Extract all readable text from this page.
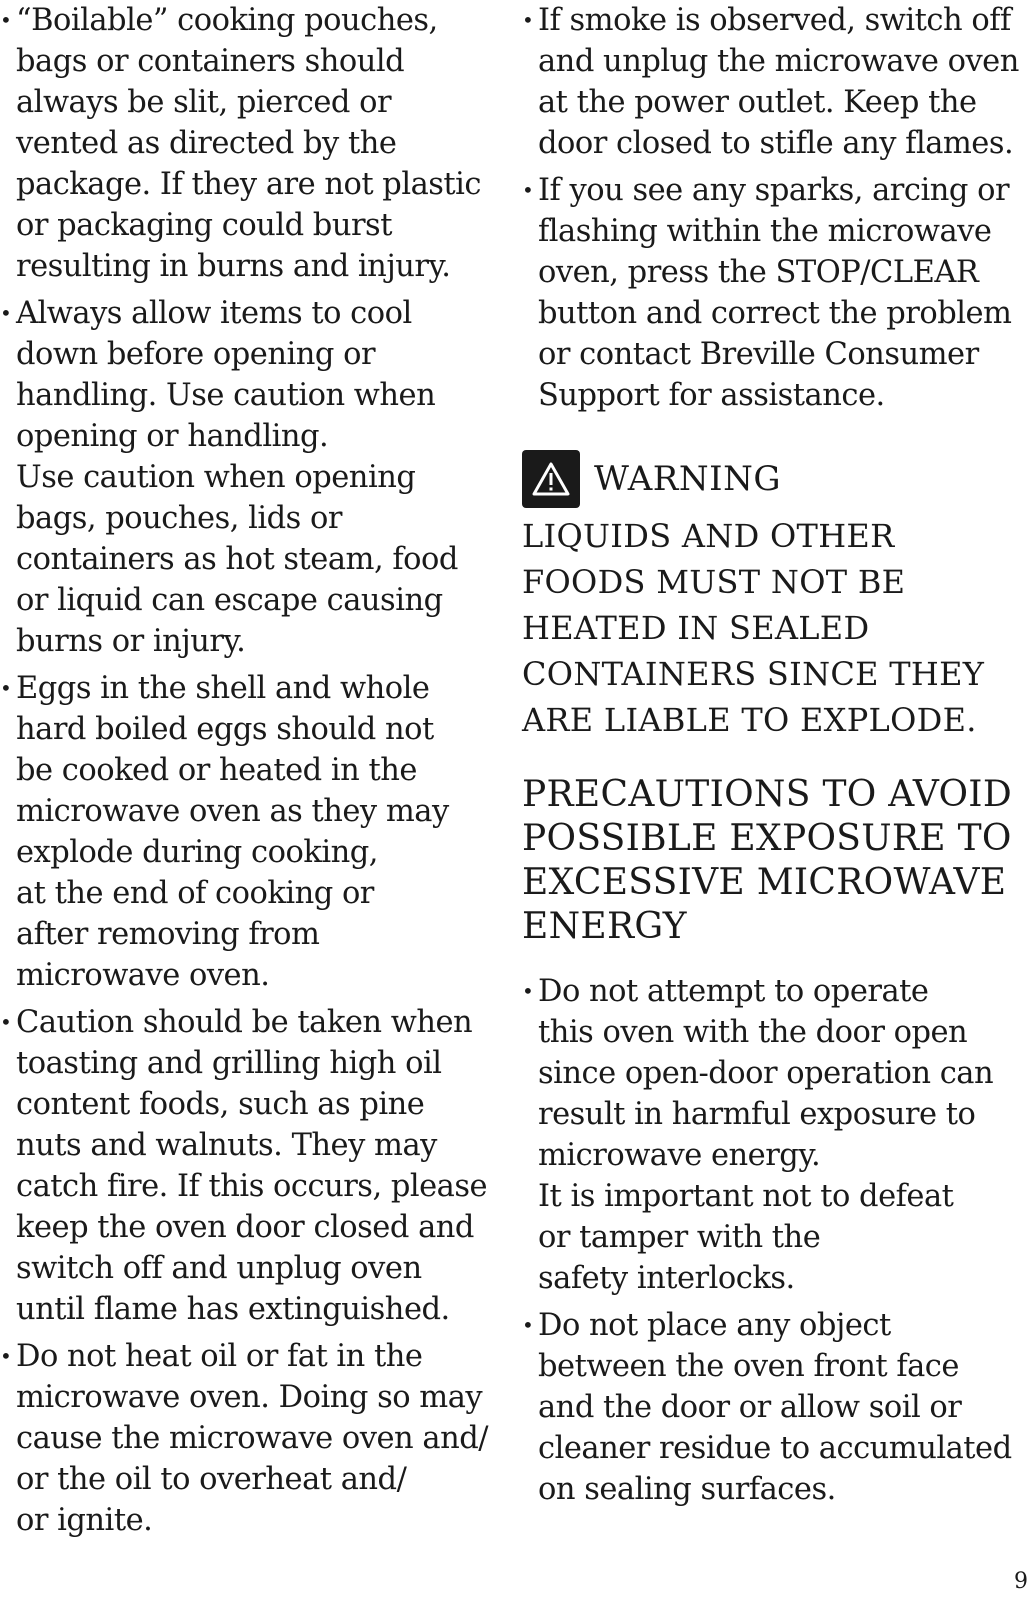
• “Boilable” cooking pouches,
bags or containers should
always be slit, pierced or
vented as directed by the
package. If they are not plastic
or packaging could burst
resulting in burns and injury.

• Always allow items to cool
down before opening or
handling. Use caution when
opening or handling.
Use caution when opening
bags, pouches, lids or
containers as hot steam, food
or liquid can escape causing
burns or injury.

• Eggs in the shell and whole
hard boiled eggs should not
be cooked or heated in the
microwave oven as they may
explode during cooking,
at the end of cooking or
after removing from
microwave oven.

• Caution should be taken when
toasting and grilling high oil
content foods, such as pine
nuts and walnuts. They may
catch fire. If this occurs, please
keep the oven door closed and
switch off and unplug oven
until flame has extinguished.

• Do not heat oil or fat in the
microwave oven. Doing so may
cause the microwave oven and/
or the oil to overheat and/
or ignite.

• If smoke is observed, switch off
and unplug the microwave oven
at the power outlet. Keep the
door closed to stifle any flames.

• If you see any sparks, arcing or
flashing within the microwave
oven, press the STOP/CLEAR
button and correct the problem
or contact Breville Consumer
Support for assistance.

WARNING

LIQUIDS AND OTHER
FOODS MUST NOT BE
HEATED IN SEALED
CONTAINERS SINCE THEY
ARE LIABLE TO EXPLODE.

PRECAUTIONS TO AVOID
POSSIBLE EXPOSURE TO
EXCESSIVE MICROWAVE
ENERGY

• Do not attempt to operate
this oven with the door open
since open-door operation can
result in harmful exposure to
microwave energy.
It is important not to defeat
or tamper with the
safety interlocks.

• Do not place any object
between the oven front face
and the door or allow soil or
cleaner residue to accumulated
on sealing surfaces.

9
